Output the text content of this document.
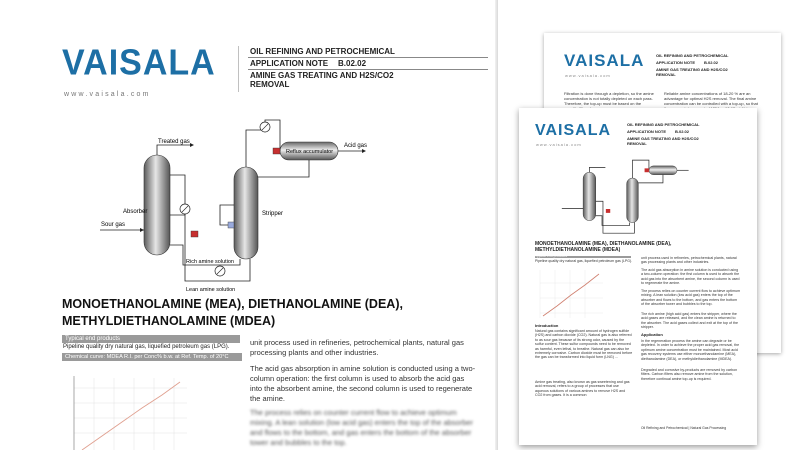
VAISALA
www.vaisala.com
OIL REFINING AND PETROCHEMICAL
APPLICATION NOTE B.02.02
AMINE GAS TREATING AND H2S/CO2
REMOVAL
Treated gas
Absorber
Sour gas
Stripper
Reflux accumulator
Acid gas
Rich amine solution
Lean amine solution
MONOETHANOLAMINE (MEA), DIETHANOLAMINE (DEA),
METHYLDIETHANOLAMINE (MDEA)
Typical end products
Pipeline quality dry natural gas, liquefied petroleum gas (LPG).
Chemical curve: MDEA R.I. per Conc% b.w. at Ref. Temp. of 20°C
unit process used in refineries, petrochemical plants, natural gas processing plants and other industries.
The acid gas absorption in amine solution is conducted using a two-column operation: the first column is used to absorb the acid gas into the absorbent amine, the second column is used to regenerate the amine.
The process relies on counter current flow to achieve optimum mixing. A lean solution (low acid gas) enters the top of the absorber and flows to the bottom, and gas enters the bottom of the absorber tower and bubbles to the top.
VAISALA
www.vaisala.com
OIL REFINING AND PETROCHEMICAL
APPLICATION NOTE B.02.02
AMINE GAS TREATING AND H2S/CO2
REMOVAL
Filtration is done through a depletion, so the amine concentration is not totally depleted on each pass. Therefore, the top-up must be based on the
Reliable amine concentrations of 18-20 % are an advantage for optimal H2S removal. The final amine concentration can be controlled with a top-up, so that
VAISALA
www.vaisala.com
OIL REFINING AND PETROCHEMICAL
APPLICATION NOTE B.02.02
AMINE GAS TREATING AND H2S/CO2
REMOVAL
MONOETHANOLAMINE (MEA), DIETHANOLAMINE (DEA),
METHYLDIETHANOLAMINE (MDEA)
Typical end products
Pipeline quality dry natural gas, liquefied petroleum gas (LPG).
Introduction
Natural gas contains significant amount of hydrogen sulfide (H2S) and carbon dioxide (CO2). Natural gas is also referred to as sour gas because of its strong odor, caused by the sulfur content. These sulfur compounds need to be removed as harmful, even lethal, to breathe. Natural gas can also be extremely corrosive. Carbon dioxide must be removed before the gas can be transformed into liquid form (LNG) ...
Amine gas treating, also known as gas sweetening and gas acid removal, refers to a group of processes that use aqueous solutions of various amines to remove H2S and CO2 from gases. It is a common
unit process used in refineries, petrochemical plants, natural gas processing plants and other industries.
The acid gas absorption in amine solution is conducted using a two-column operation: the first column is used to absorb the acid gas into the absorbent amine, the second column is used to regenerate the amine.
The process relies on counter current flow to achieve optimum mixing. A lean solution (low acid gas) enters the top of the absorber and flows to the bottom, and gas enters the bottom of the absorber tower and bubbles to the top.
The rich amine (high acid gas) enters the stripper, where the acid gases are released, and the clean amine is returned to the absorber. The acid gases collect and exit at the top of the stripper.
Application
In the regeneration process the amine can degrade or be depleted. In order to achieve the proper acid gas removal, the optimum amine concentration must be maintained. Most acid gas recovery systems use either monoethanolamine (MEA), diethanolamine (DEA), or methyldiethanolamine (MDEA).
Degraded and corrosive by-products are removed by carbon filters. Carbon filters also remove amine from the solution, therefore continual amine top-up is required.
Oil Refining and Petrochemical | Natural Gas Processing
